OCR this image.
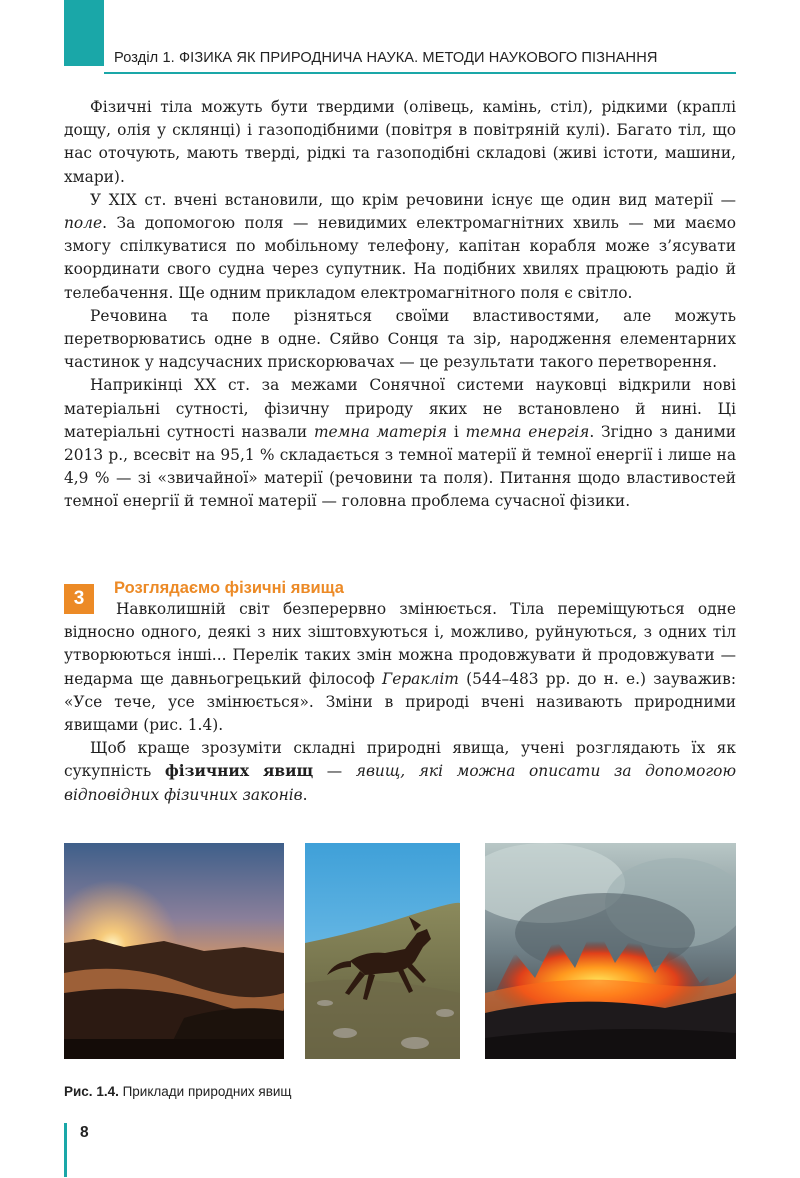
Розділ 1. ФІЗИКА ЯК ПРИРОДНИЧА НАУКА. МЕТОДИ НАУКОВОГО ПІЗНАННЯ

Фізичні тіла можуть бути твердими (олівець, камінь, стіл), рідкими (краплі дощу, олія у склянці) і газоподібними (повітря в повітряній кулі). Багато тіл, що нас оточують, мають тверді, рідкі та газоподібні складові (живі істоти, машини, хмари).

У XIX ст. вчені встановили, що крім речовини існує ще один вид матерії — поле. За допомогою поля — невидимих електромагнітних хвиль — ми маємо змогу спілкуватися по мобільному телефону, капітан корабля може з’ясувати координати свого судна через супутник. На подібних хвилях працюють радіо й телебачення. Ще одним прикладом електромагнітного поля є світло.

Речовина та поле різняться своїми властивостями, але можуть перетворюватись одне в одне. Сяйво Сонця та зір, народження елементарних частинок у надсучасних прискорювачах — це результати такого перетворення.

Наприкінці XX ст. за межами Сонячної системи науковці відкрили нові матеріальні сутності, фізичну природу яких не встановлено й нині. Ці матеріальні сутності назвали темна матерія і темна енергія. Згідно з даними 2013 р., всесвіт на 95,1 % складається з темної матерії й темної енергії і лише на 4,9 % — зі «звичайної» матерії (речовини та поля). Питання щодо властивостей темної енергії й темної матерії — головна проблема сучасної фізики.

3	Розглядаємо фізичні явища

Навколишній світ безперервно змінюється. Тіла переміщуються одне відносно одного, деякі з них зіштовхуються і, можливо, руйнуються, з одних тіл утворюються інші... Перелік таких змін можна продовжувати й продовжувати — недарма ще давньогрецький філософ Геракліт (544–483 рр. до н. е.) зауважив: «Усе тече, усе змінюється». Зміни в природі вчені називають природними явищами (рис. 1.4).

Щоб краще зрозуміти складні природні явища, учені розглядають їх як сукупність фізичних явищ — явищ, які можна описати за допомогою відповідних фізичних законів.

Рис. 1.4. Приклади природних явищ
8
